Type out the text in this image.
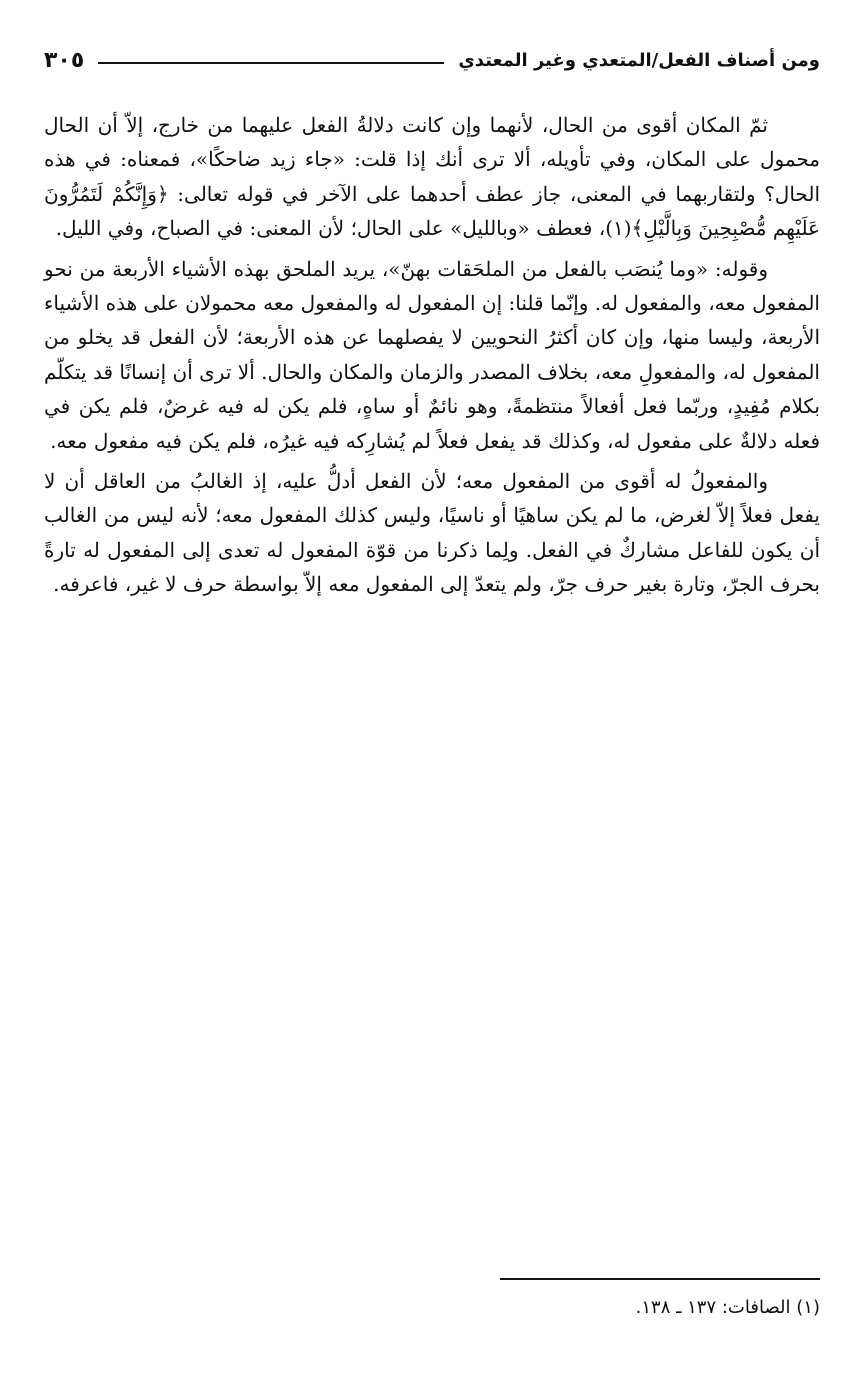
ومن أصناف الفعل/المتعدي وغير المعتدي
٣٠٥

ثمّ المكان أقوى من الحال، لأنهما وإن كانت دلالةُ الفعل عليهما من خارج، إلاّ أن الحال محمول على المكان، وفي تأويله، ألا ترى أنك إذا قلت: «جاء زيد ضاحكًا»، فمعناه: في هذه الحال؟ ولتقاربهما في المعنى، جاز عطف أحدهما على الآخر في قوله تعالى: ﴿وَإِنَّكُمْ لَتَمُرُّونَ عَلَيْهِم مُّصْبِحِينَ وَبِالَّيْلِ﴾(١)، فعطف «وبالليل» على الحال؛ لأن المعنى: في الصباح، وفي الليل.

وقوله: «وما يُنصَب بالفعل من الملحَقات بهنّ»، يريد الملحق بهذه الأشياء الأربعة من نحو المفعول معه، والمفعول له. وإنّما قلنا: إن المفعول له والمفعول معه محمولان على هذه الأشياء الأربعة، وليسا منها، وإن كان أكثرُ النحويين لا يفصلهما عن هذه الأربعة؛ لأن الفعل قد يخلو من المفعول له، والمفعولِ معه، بخلاف المصدر والزمان والمكان والحال. ألا ترى أن إنسانًا قد يتكلّم بكلام مُفِيدٍ، وربّما فعل أفعالاً منتظمةً، وهو نائمٌ أو ساهٍ، فلم يكن له فيه غرضٌ، فلم يكن في فعله دلالةٌ على مفعول له، وكذلك قد يفعل فعلاً لم يُشارِكه فيه غيرُه، فلم يكن فيه مفعول معه.

والمفعولُ له أقوى من المفعول معه؛ لأن الفعل أدلُّ عليه، إذ الغالبُ من العاقل أن لا يفعل فعلاً إلاّ لغرض، ما لم يكن ساهيًا أو ناسيًا، وليس كذلك المفعول معه؛ لأنه ليس من الغالب أن يكون للفاعل مشاركٌ في الفعل. ولِما ذكرنا من قوّة المفعول له تعدى إلى المفعول له تارةً بحرف الجرّ، وتارة بغير حرف جرّ، ولم يتعدّ إلى المفعول معه إلاّ بواسطة حرف لا غير، فاعرفه.

(١) الصافات: ١٣٧ ـ ١٣٨.
